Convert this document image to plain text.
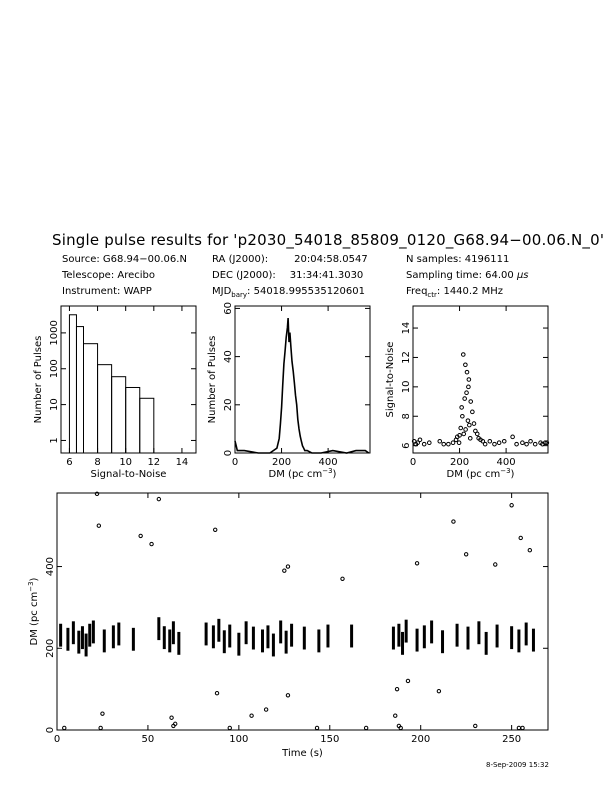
Single pulse results for 'p2030_54018_85809_0120_G68.94−00.06.N_0'
Source: G68.94−00.06.N
Telescope: Arecibo
Instrument: WAPP
RA (J2000):	20:04:58.0547
DEC (J2000): 31:34:41.3030
$MJD_{bary}$: 54018.995535120601
N samples: 4196111
Sampling time: 64.00 μs
Freq$_{ctr}$: 1440.2 MHz
6 8 10 12 14
1
10
100
1000
Signal-to-Noise
Number of Pulses
0	200	400
0
20
40
60
DM (pc $cm^{-3}$)
Number of Pulses
0	200	400
6
8
10
12
14
DM (pc $cm^{-3}$)
Signal-to-Noise
0	50	100	150	200	250
0
200
400
Time (s)
DM (pc $cm^{-3}$)
8-Sep-2009 15:32
